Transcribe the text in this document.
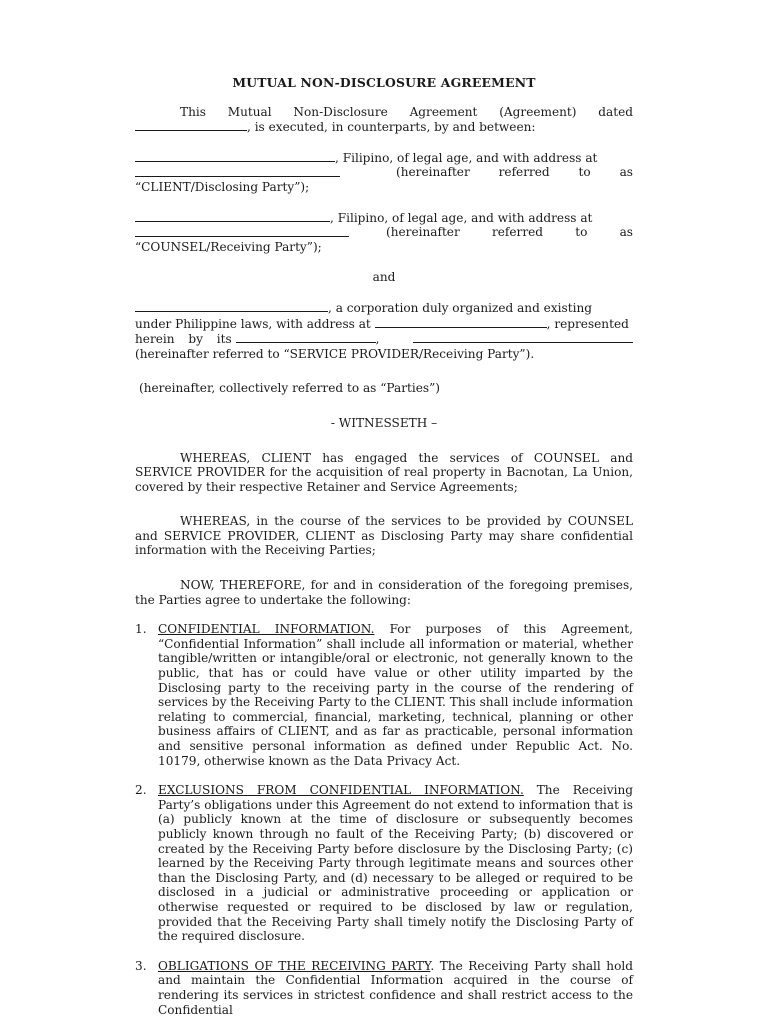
MUTUAL NON-DISCLOSURE AGREEMENT

This Mutual Non-Disclosure Agreement (Agreement) dated , is executed, in counterparts, by and between:

, Filipino, of legal age, and with address at

(hereinafter referred to as
“CLIENT/Disclosing Party”);

, Filipino, of legal age, and with address at

(hereinafter referred to as
“COUNSEL/Receiving Party”);

and

, a corporation duly organized and existing
under Philippine laws, with address at	, represented

herein by its	,
(hereinafter referred to “SERVICE PROVIDER/Receiving Party”).

(hereinafter, collectively referred to as “Parties”)

- WITNESSETH –

WHEREAS, CLIENT has engaged the services of COUNSEL and SERVICE PROVIDER for the acquisition of real property in Bacnotan, La Union, covered by their respective Retainer and Service Agreements;

WHEREAS, in the course of the services to be provided by COUNSEL and SERVICE PROVIDER, CLIENT as Disclosing Party may share confidential information with the Receiving Parties;

NOW, THEREFORE, for and in consideration of the foregoing premises, the Parties agree to undertake the following:

1. CONFIDENTIAL INFORMATION. For purposes of this Agreement, “Confidential Information” shall include all information or material, whether tangible/written or intangible/oral or electronic, not generally known to the public, that has or could have value or other utility imparted by the Disclosing party to the receiving party in the course of the rendering of services by the Receiving Party to the CLIENT. This shall include information relating to commercial, financial, marketing, technical, planning or other business affairs of CLIENT, and as far as practicable, personal information and sensitive personal information as defined under Republic Act. No. 10179, otherwise known as the Data Privacy Act.
2. EXCLUSIONS FROM CONFIDENTIAL INFORMATION. The Receiving Party’s obligations under this Agreement do not extend to information that is (a) publicly known at the time of disclosure or subsequently becomes publicly known through no fault of the Receiving Party; (b) discovered or created by the Receiving Party before disclosure by the Disclosing Party; (c) learned by the Receiving Party through legitimate means and sources other than the Disclosing Party, and (d) necessary to be alleged or required to be disclosed in a judicial or administrative proceeding or application or otherwise requested or required to be disclosed by law or regulation, provided that the Receiving Party shall timely notify the Disclosing Party of the required disclosure.
3. OBLIGATIONS OF THE RECEIVING PARTY. The Receiving Party shall hold and maintain the Confidential Information acquired in the course of rendering its services in strictest confidence and shall restrict access to the Confidential
